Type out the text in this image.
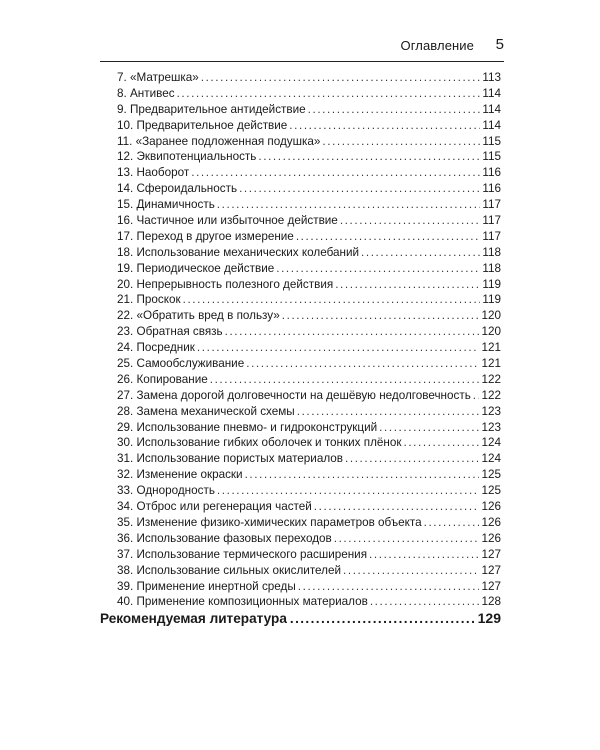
Оглавление 5
7. «Матрешка» .....	113
8. Антивес .....	114
9. Предварительное антидействие .....	114
10. Предварительное действие .....	114
11. «Заранее подложенная подушка» .....	115
12. Эквипотенциальность .....	115
13. Наоборот .....	116
14. Сфероидальность .....	116
15. Динамичность .....	117
16. Частичное или избыточное действие .....	117
17. Переход в другое измерение .....	117
18. Использование механических колебаний .....	118
19. Периодическое действие .....	118
20. Непрерывность полезного действия .....	119
21. Проскок .....	119
22. «Обратить вред в пользу» .....	120
23. Обратная связь .....	120
24. Посредник .....	121
25. Самообслуживание .....	121
26. Копирование .....	122
27. Замена дорогой долговечности на дешёвую недолговечность ..... 122
28. Замена механической схемы .....	123
29. Использование пневмо- и гидроконструкций .....	123
30. Использование гибких оболочек и тонких плёнок .....	124
31. Использование пористых материалов .....	124
32. Изменение окраски .....	125
33. Однородность .....	125
34. Отброс или регенерация частей .....	126
35. Изменение физико-химических параметров объекта .....	126
36. Использование фазовых переходов .....	126
37. Использование термического расширения .....	127
38. Использование сильных окислителей .....	127
39. Применение инертной среды .....	127
40. Применение композиционных материалов .....	128
Рекомендуемая литература .....	129
